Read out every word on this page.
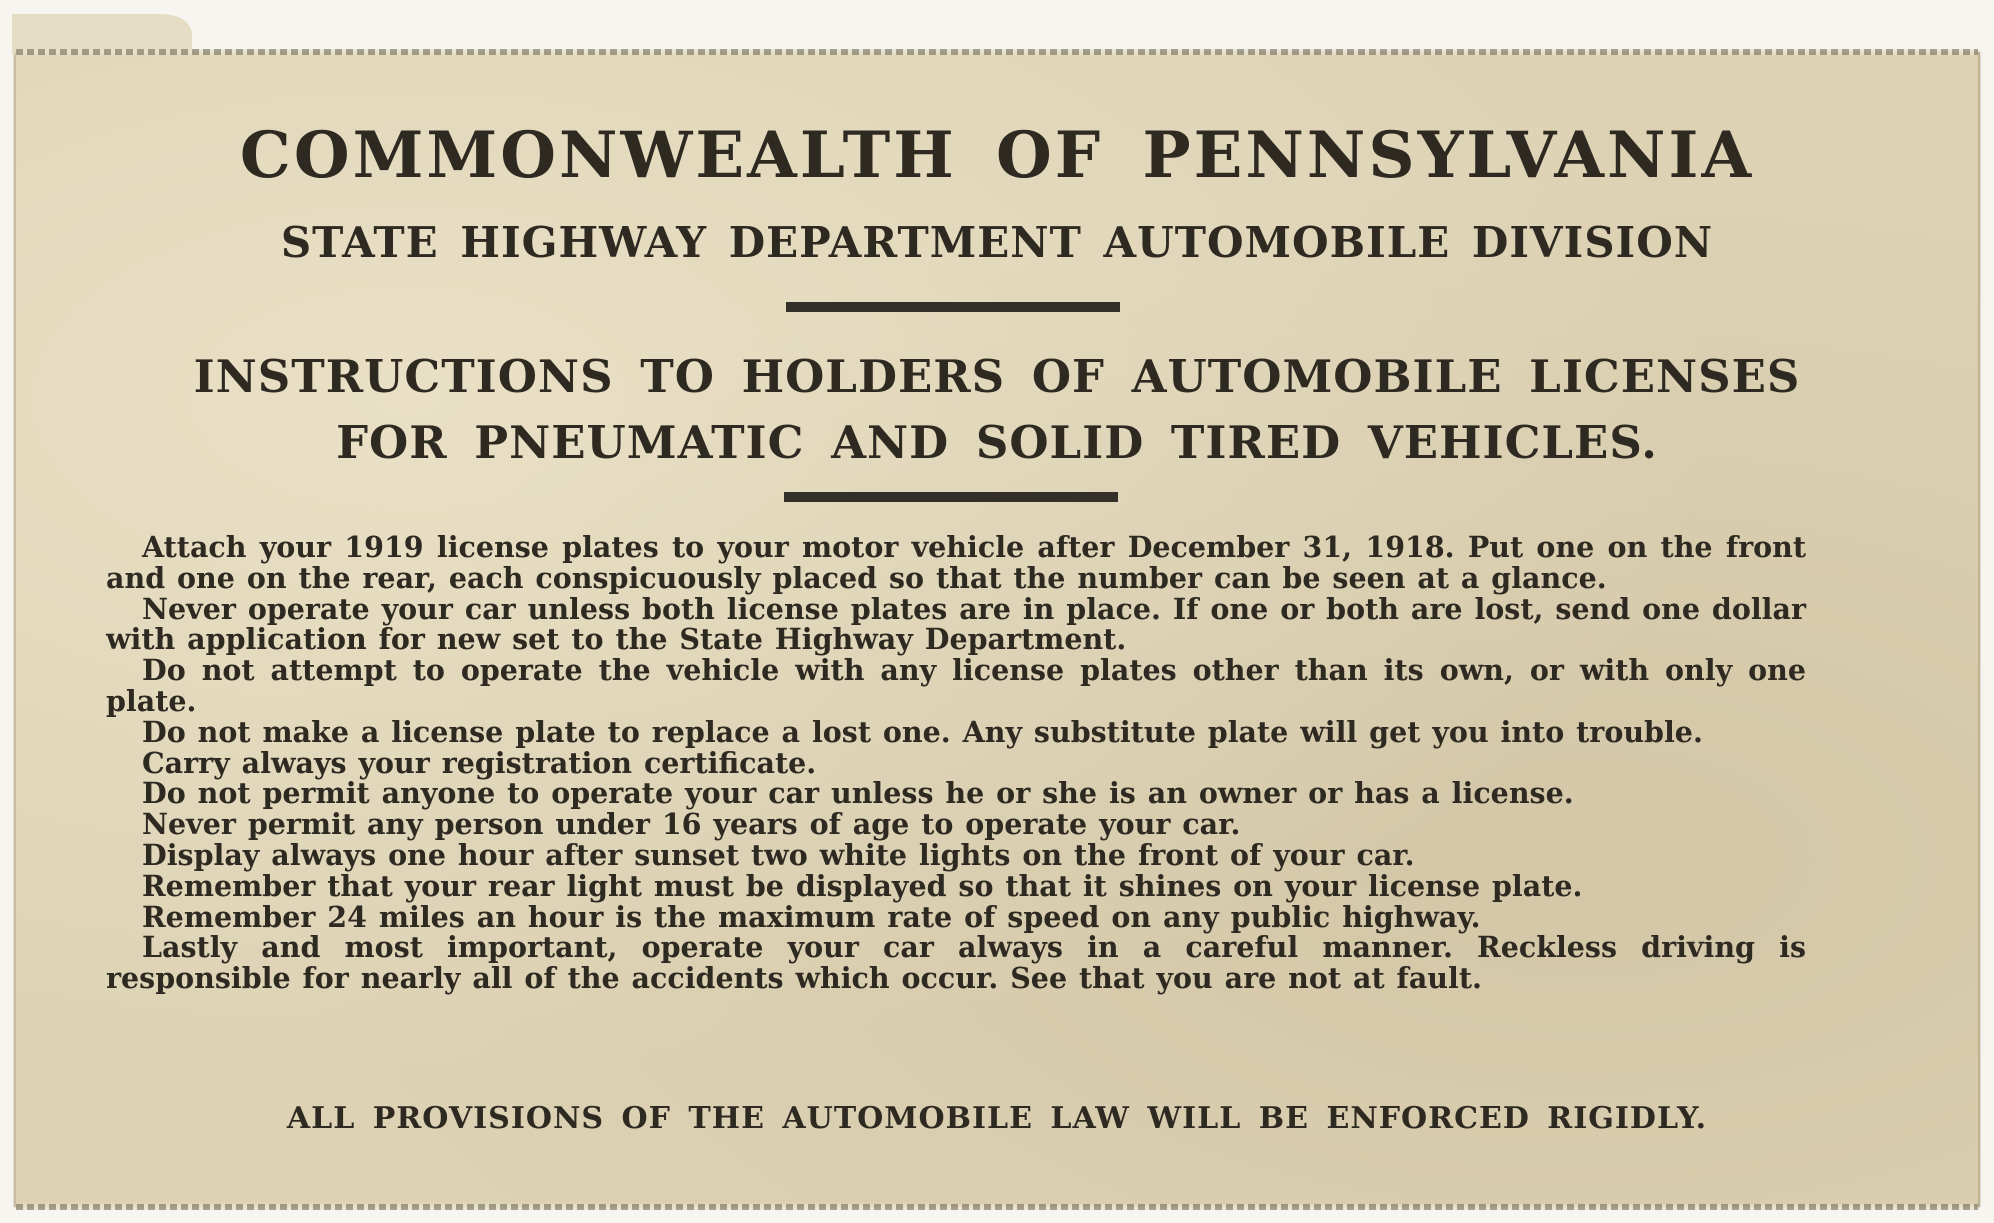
COMMONWEALTH OF PENNSYLVANIA
STATE HIGHWAY DEPARTMENT AUTOMOBILE DIVISION
INSTRUCTIONS TO HOLDERS OF AUTOMOBILE LICENSES
FOR PNEUMATIC AND SOLID TIRED VEHICLES.

Attach your 1919 license plates to your motor vehicle after December 31, 1918. Put one on the front and one on the rear, each conspicuously placed so that the number can be seen at a glance.

Never operate your car unless both license plates are in place. If one or both are lost, send one dollar with application for new set to the State Highway Department.

Do not attempt to operate the vehicle with any license plates other than its own, or with only one plate.

Do not make a license plate to replace a lost one. Any substitute plate will get you into trouble.

Carry always your registration certificate.

Do not permit anyone to operate your car unless he or she is an owner or has a license.

Never permit any person under 16 years of age to operate your car.

Display always one hour after sunset two white lights on the front of your car.

Remember that your rear light must be displayed so that it shines on your license plate.

Remember 24 miles an hour is the maximum rate of speed on any public highway.

Lastly and most important, operate your car always in a careful manner. Reckless driving is responsible for nearly all of the accidents which occur. See that you are not at fault.

ALL PROVISIONS OF THE AUTOMOBILE LAW WILL BE ENFORCED RIGIDLY.
